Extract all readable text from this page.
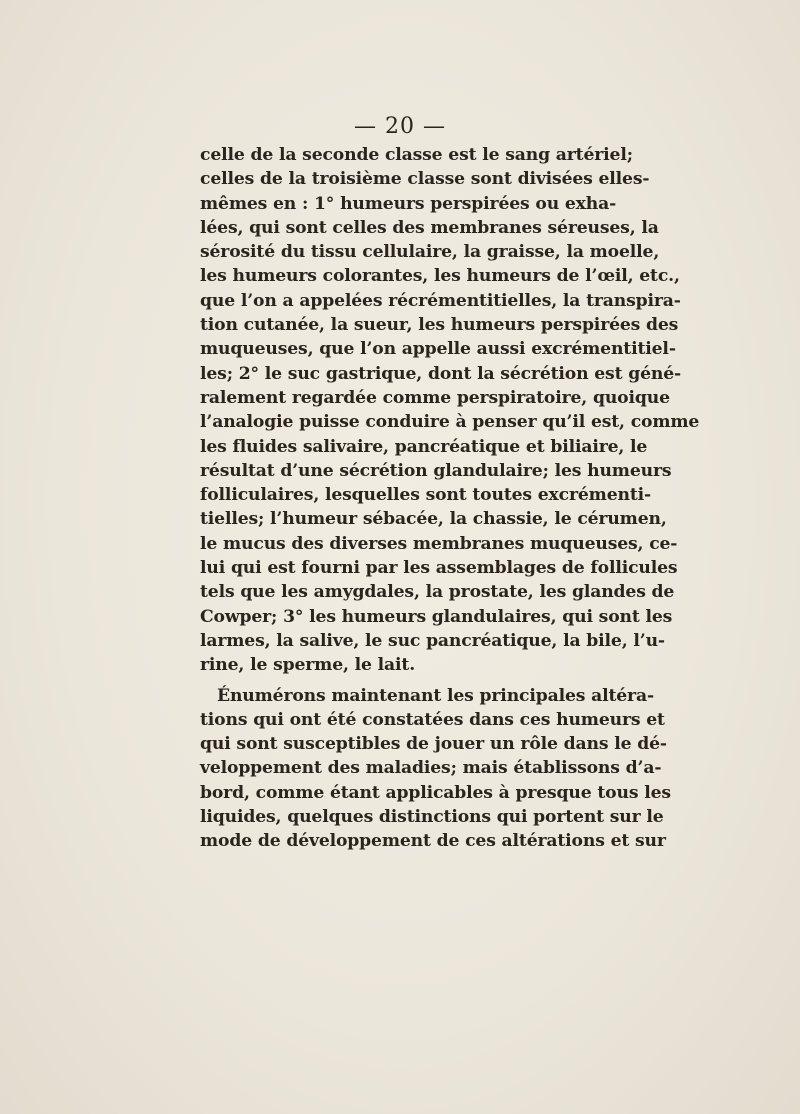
— 20 —
celle de la seconde classe est le sang artériel;
celles de la troisième classe sont divisées elles-
mêmes en : 1° humeurs perspirées ou exha-
lées, qui sont celles des membranes séreuses, la
sérosité du tissu cellulaire, la graisse, la moelle,
les humeurs colorantes, les humeurs de l’œil, etc.,
que l’on a appelées récrémentitielles, la transpira-
tion cutanée, la sueur, les humeurs perspirées des
muqueuses, que l’on appelle aussi excrémentitiel-
les; 2° le suc gastrique, dont la sécrétion est géné-
ralement regardée comme perspiratoire, quoique
l’analogie puisse conduire à penser qu’il est, comme
les fluides salivaire, pancréatique et biliaire, le
résultat d’une sécrétion glandulaire; les humeurs
folliculaires, lesquelles sont toutes excrémenti-
tielles; l’humeur sébacée, la chassie, le cérumen,
le mucus des diverses membranes muqueuses, ce-
lui qui est fourni par les assemblages de follicules
tels que les amygdales, la prostate, les glandes de
Cowper; 3° les humeurs glandulaires, qui sont les
larmes, la salive, le suc pancréatique, la bile, l’u-
rine, le sperme, le lait.
Énumérons maintenant les principales altéra-
tions qui ont été constatées dans ces humeurs et
qui sont susceptibles de jouer un rôle dans le dé-
veloppement des maladies; mais établissons d’a-
bord, comme étant applicables à presque tous les
liquides, quelques distinctions qui portent sur le
mode de développement de ces altérations et sur
